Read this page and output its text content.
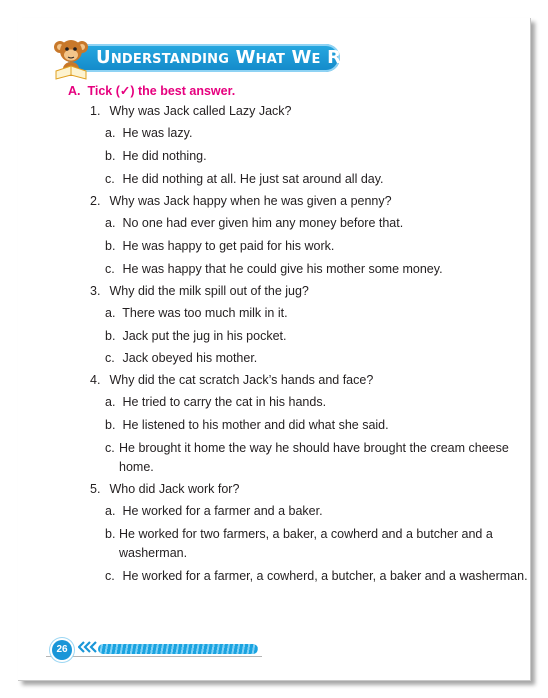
Understanding What We Read
A. Tick (✓) the best answer.
1. Why was Jack called Lazy Jack?
a. He was lazy.
b. He did nothing.
c. He did nothing at all. He just sat around all day.
2. Why was Jack happy when he was given a penny?
a. No one had ever given him any money before that.
b. He was happy to get paid for his work.
c. He was happy that he could give his mother some money.
3. Why did the milk spill out of the jug?
a. There was too much milk in it.
b. Jack put the jug in his pocket.
c. Jack obeyed his mother.
4. Why did the cat scratch Jack’s hands and face?
a. He tried to carry the cat in his hands.
b. He listened to his mother and did what she said.
c. He brought it home the way he should have brought the cream cheese home.
5. Who did Jack work for?
a. He worked for a farmer and a baker.
b. He worked for two farmers, a baker, a cowherd and a butcher and a washerman.
c. He worked for a farmer, a cowherd, a butcher, a baker and a washerman.
26
